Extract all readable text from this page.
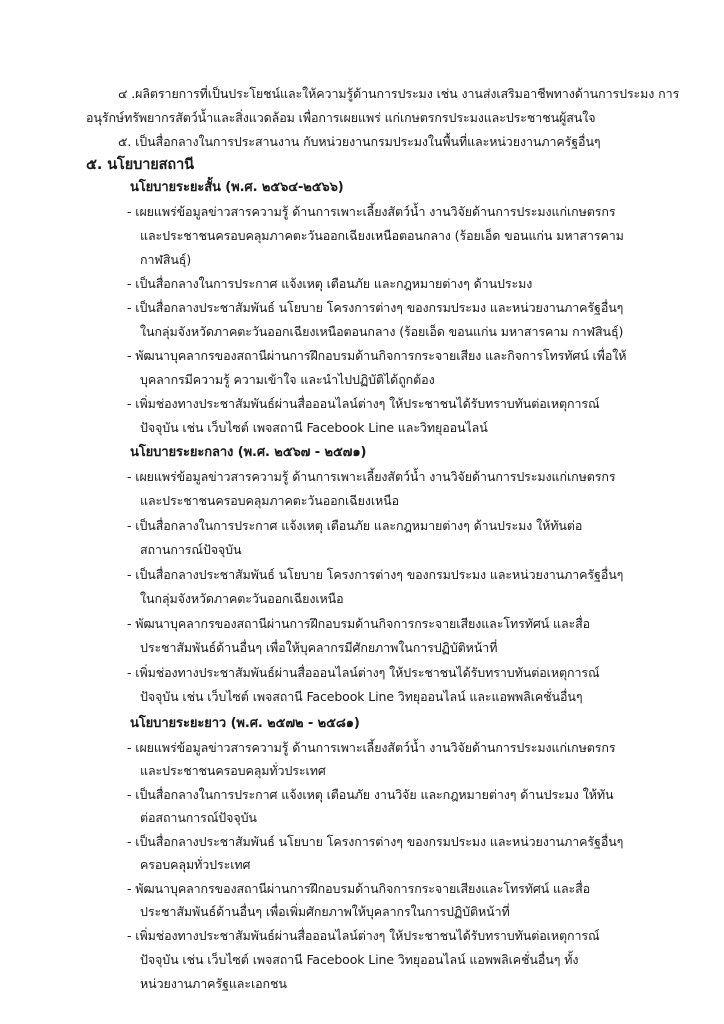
๔ .ผลิตรายการที่เป็นประโยชน์และให้ความรู้ด้านการประมง เช่น งานส่งเสริมอาชีพทางด้านการประมง การ
อนุรักษ์ทรัพยากรสัตว์น้ำและสิ่งแวดล้อม เพื่อการเผยแพร่ แก่เกษตรกรประมงและประชาชนผู้สนใจ
๕. เป็นสื่อกลางในการประสานงาน กับหน่วยงานกรมประมงในพื้นที่และหน่วยงานภาครัฐอื่นๆ
๕. นโยบายสถานี
นโยบายระยะสั้น (พ.ศ. ๒๕๖๔-๒๕๖๖)
- เผยแพร่ข้อมูลข่าวสารความรู้ ด้านการเพาะเลี้ยงสัตว์น้ำ งานวิจัยด้านการประมงแก่เกษตรกร
และประชาชนครอบคลุมภาคตะวันออกเฉียงเหนือตอนกลาง (ร้อยเอ็ด ขอนแก่น มหาสารคาม
กาฬสินธุ์)
- เป็นสื่อกลางในการประกาศ แจ้งเหตุ เตือนภัย และกฎหมายต่างๆ ด้านประมง
- เป็นสื่อกลางประชาสัมพันธ์ นโยบาย โครงการต่างๆ ของกรมประมง และหน่วยงานภาครัฐอื่นๆ
ในกลุ่มจังหวัดภาคตะวันออกเฉียงเหนือตอนกลาง (ร้อยเอ็ด ขอนแก่น มหาสารคาม กาฬสินธุ์)
- พัฒนาบุคลากรของสถานีผ่านการฝึกอบรมด้านกิจการกระจายเสียง และกิจการโทรทัศน์ เพื่อให้
บุคลากรมีความรู้ ความเข้าใจ และนำไปปฏิบัติได้ถูกต้อง
- เพิ่มช่องทางประชาสัมพันธ์ผ่านสื่อออนไลน์ต่างๆ ให้ประชาชนได้รับทราบทันต่อเหตุการณ์
ปัจจุบัน เช่น เว็บไซต์ เพจสถานี Facebook Line และวิทยุออนไลน์
นโยบายระยะกลาง (พ.ศ. ๒๕๖๗ - ๒๕๗๑)
- เผยแพร่ข้อมูลข่าวสารความรู้ ด้านการเพาะเลี้ยงสัตว์น้ำ งานวิจัยด้านการประมงแก่เกษตรกร
และประชาชนครอบคลุมภาคตะวันออกเฉียงเหนือ
- เป็นสื่อกลางในการประกาศ แจ้งเหตุ เตือนภัย และกฎหมายต่างๆ ด้านประมง ให้ทันต่อ
สถานการณ์ปัจจุบัน
- เป็นสื่อกลางประชาสัมพันธ์ นโยบาย โครงการต่างๆ ของกรมประมง และหน่วยงานภาครัฐอื่นๆ
ในกลุ่มจังหวัดภาคตะวันออกเฉียงเหนือ
- พัฒนาบุคลากรของสถานีผ่านการฝึกอบรมด้านกิจการกระจายเสียงและโทรทัศน์ และสื่อ
ประชาสัมพันธ์ด้านอื่นๆ เพื่อให้บุคลากรมีศักยภาพในการปฏิบัติหน้าที่
- เพิ่มช่องทางประชาสัมพันธ์ผ่านสื่อออนไลน์ต่างๆ ให้ประชาชนได้รับทราบทันต่อเหตุการณ์
ปัจจุบัน เช่น เว็บไซต์ เพจสถานี Facebook Line วิทยุออนไลน์ และแอพพลิเคชั่นอื่นๆ
นโยบายระยะยาว (พ.ศ. ๒๕๗๒ - ๒๕๘๑)
- เผยแพร่ข้อมูลข่าวสารความรู้ ด้านการเพาะเลี้ยงสัตว์น้ำ งานวิจัยด้านการประมงแก่เกษตรกร
และประชาชนครอบคลุมทั่วประเทศ
- เป็นสื่อกลางในการประกาศ แจ้งเหตุ เตือนภัย งานวิจัย และกฎหมายต่างๆ ด้านประมง ให้ทัน
ต่อสถานการณ์ปัจจุบัน
- เป็นสื่อกลางประชาสัมพันธ์ นโยบาย โครงการต่างๆ ของกรมประมง และหน่วยงานภาครัฐอื่นๆ
ครอบคลุมทั่วประเทศ
- พัฒนาบุคลากรของสถานีผ่านการฝึกอบรมด้านกิจการกระจายเสียงและโทรทัศน์ และสื่อ
ประชาสัมพันธ์ด้านอื่นๆ เพื่อเพิ่มศักยภาพให้บุคลากรในการปฏิบัติหน้าที่
- เพิ่มช่องทางประชาสัมพันธ์ผ่านสื่อออนไลน์ต่างๆ ให้ประชาชนได้รับทราบทันต่อเหตุการณ์
ปัจจุบัน เช่น เว็บไซต์ เพจสถานี Facebook Line วิทยุออนไลน์ แอพพลิเคชั่นอื่นๆ ทั้ง
หน่วยงานภาครัฐและเอกชน
